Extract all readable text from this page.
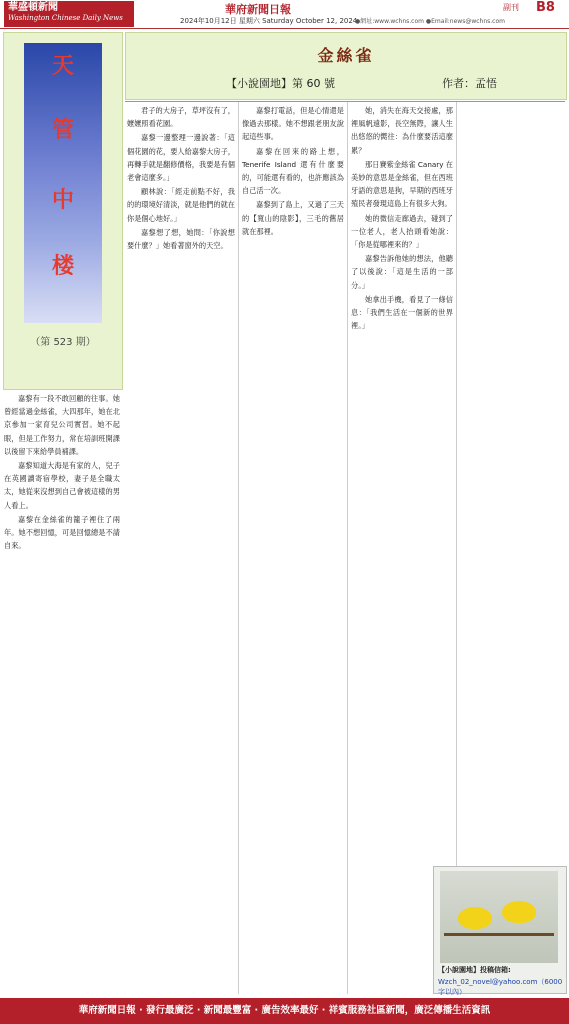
華盛頓新聞
Washington Chinese Daily News
華府新聞日報
2024年10月12日 星期六 Saturday October 12, 2024
●網址:www.wchns.com ●Email:news@wchns.com
副刊 B8
天
管
中
楼
（第 523 期）
金絲雀
【小說園地】第 60 號	作者：孟悟

嘉黎有一段不敢回顧的往事。她曾經當過金絲雀，大四那年，她在北京參加一家育兒公司實習。她不起眼，但是工作努力，常在培訓班開課以後留下來給學員補課。

嘉黎知道大海是有家的人，兒子在英國讀寄宿學校，妻子是全職太太，她從來沒想到自己會被這樣的男人看上。

嘉黎在金絲雀的籠子裡住了兩年。她不想回憶，可是回憶總是不請自來。

君子的大房子，草坪沒有了，嬤嬤照看花園。

嘉黎一邊整理一邊說著：「這個花園的花，要人給嘉黎大房子，再轉手就是翻修價格，我要是有個老會這麼多。」

顧林說：「經走前點不好，我的的環境好清淡，就是他們的就在你是個心地好。」

嘉黎想了想，她問：「你說想要什麼？」她看著窗外的天空。

嘉黎打電話，但是心情還是像過去那樣。她不想跟老朋友說起這些事。

嘉黎在回來的路上想，Tenerife Island 還有什麼要的，可能還有看的，也許應該為自己活一次。

嘉黎到了島上，又過了三天的【寬山的陰影】，三毛的舊居就在那裡。

她，消失在海天交接處，那裡風帆遠影，長空無際，讓人生出悠悠的嚮往：為什麼要活這麼累？

那日賽紫金絲雀 Canary 在美妙的意思是金絲雀，但在西班牙語的意思是狗，早期的西班牙殖民者發現這島上有很多大狗。

她的微信走廊過去，碰到了一位老人，老人抬頭看她說：「你是從哪裡來的？」

嘉黎告訴他她的想法，他聽了以後說：「這是生活的一部分。」

她拿出手機，看見了一條信息：「我們生活在一個新的世界裡。」

【小說園地】投稿信箱:
Wzch_02_novel@yahoo.com（6000 字以內）
華府新聞日報 · 發行最廣泛 · 新聞最豐富 · 廣告效率最好 · 祥賓服務社區新聞，廣泛傳播生活資訊
